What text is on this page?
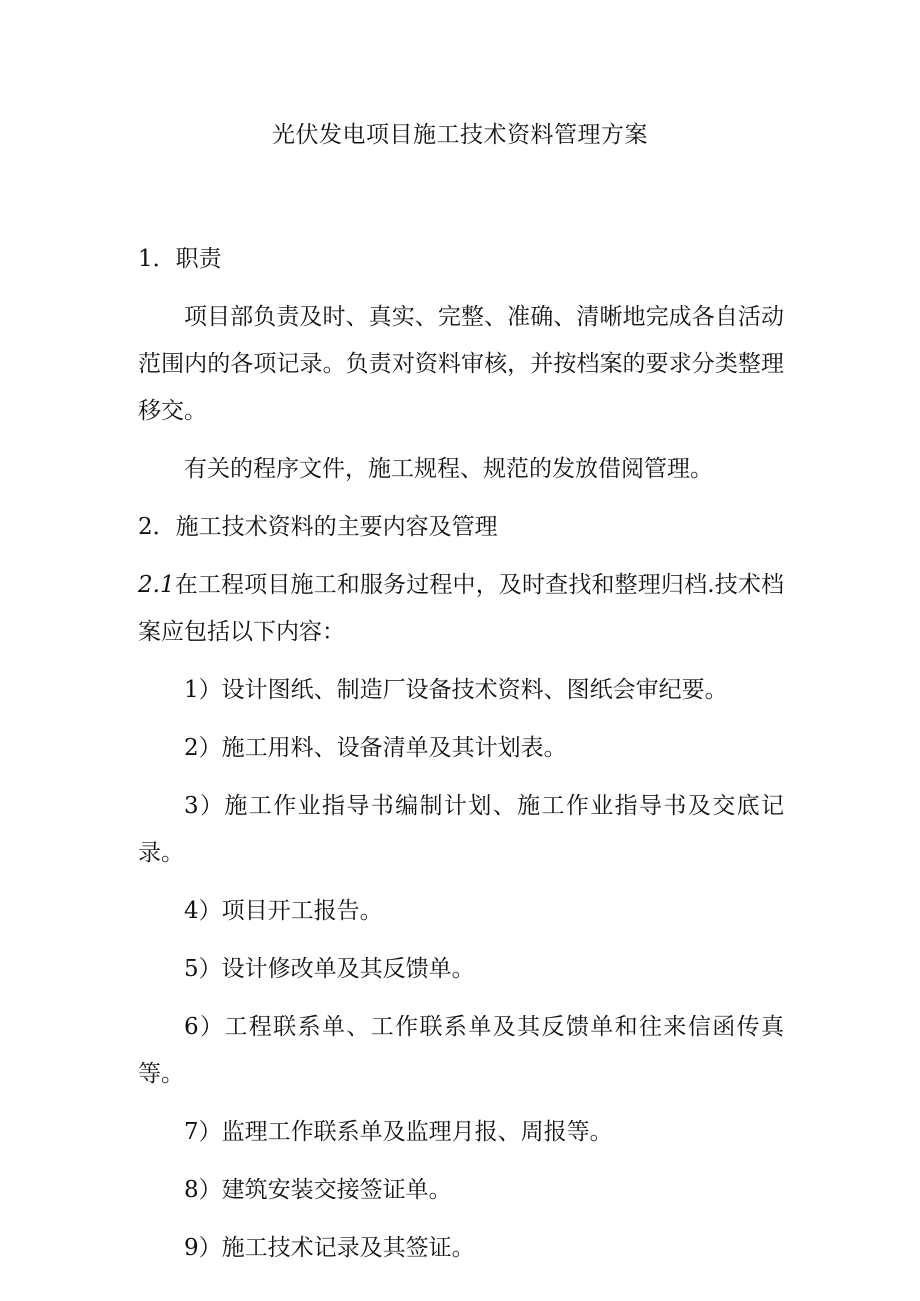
光伏发电项目施工技术资料管理方案

1．职责

项目部负责及时、真实、完整、准确、清晰地完成各自活动范围内的各项记录。负责对资料审核，并按档案的要求分类整理移交。

有关的程序文件，施工规程、规范的发放借阅管理。

2．施工技术资料的主要内容及管理

2.1在工程项目施工和服务过程中，及时查找和整理归档.技术档案应包括以下内容：

1）设计图纸、制造厂设备技术资料、图纸会审纪要。

2）施工用料、设备清单及其计划表。

3）施工作业指导书编制计划、施工作业指导书及交底记录。

4）项目开工报告。

5）设计修改单及其反馈单。

6）工程联系单、工作联系单及其反馈单和往来信函传真等。

7）监理工作联系单及监理月报、周报等。

8）建筑安装交接签证单。

9）施工技术记录及其签证。
